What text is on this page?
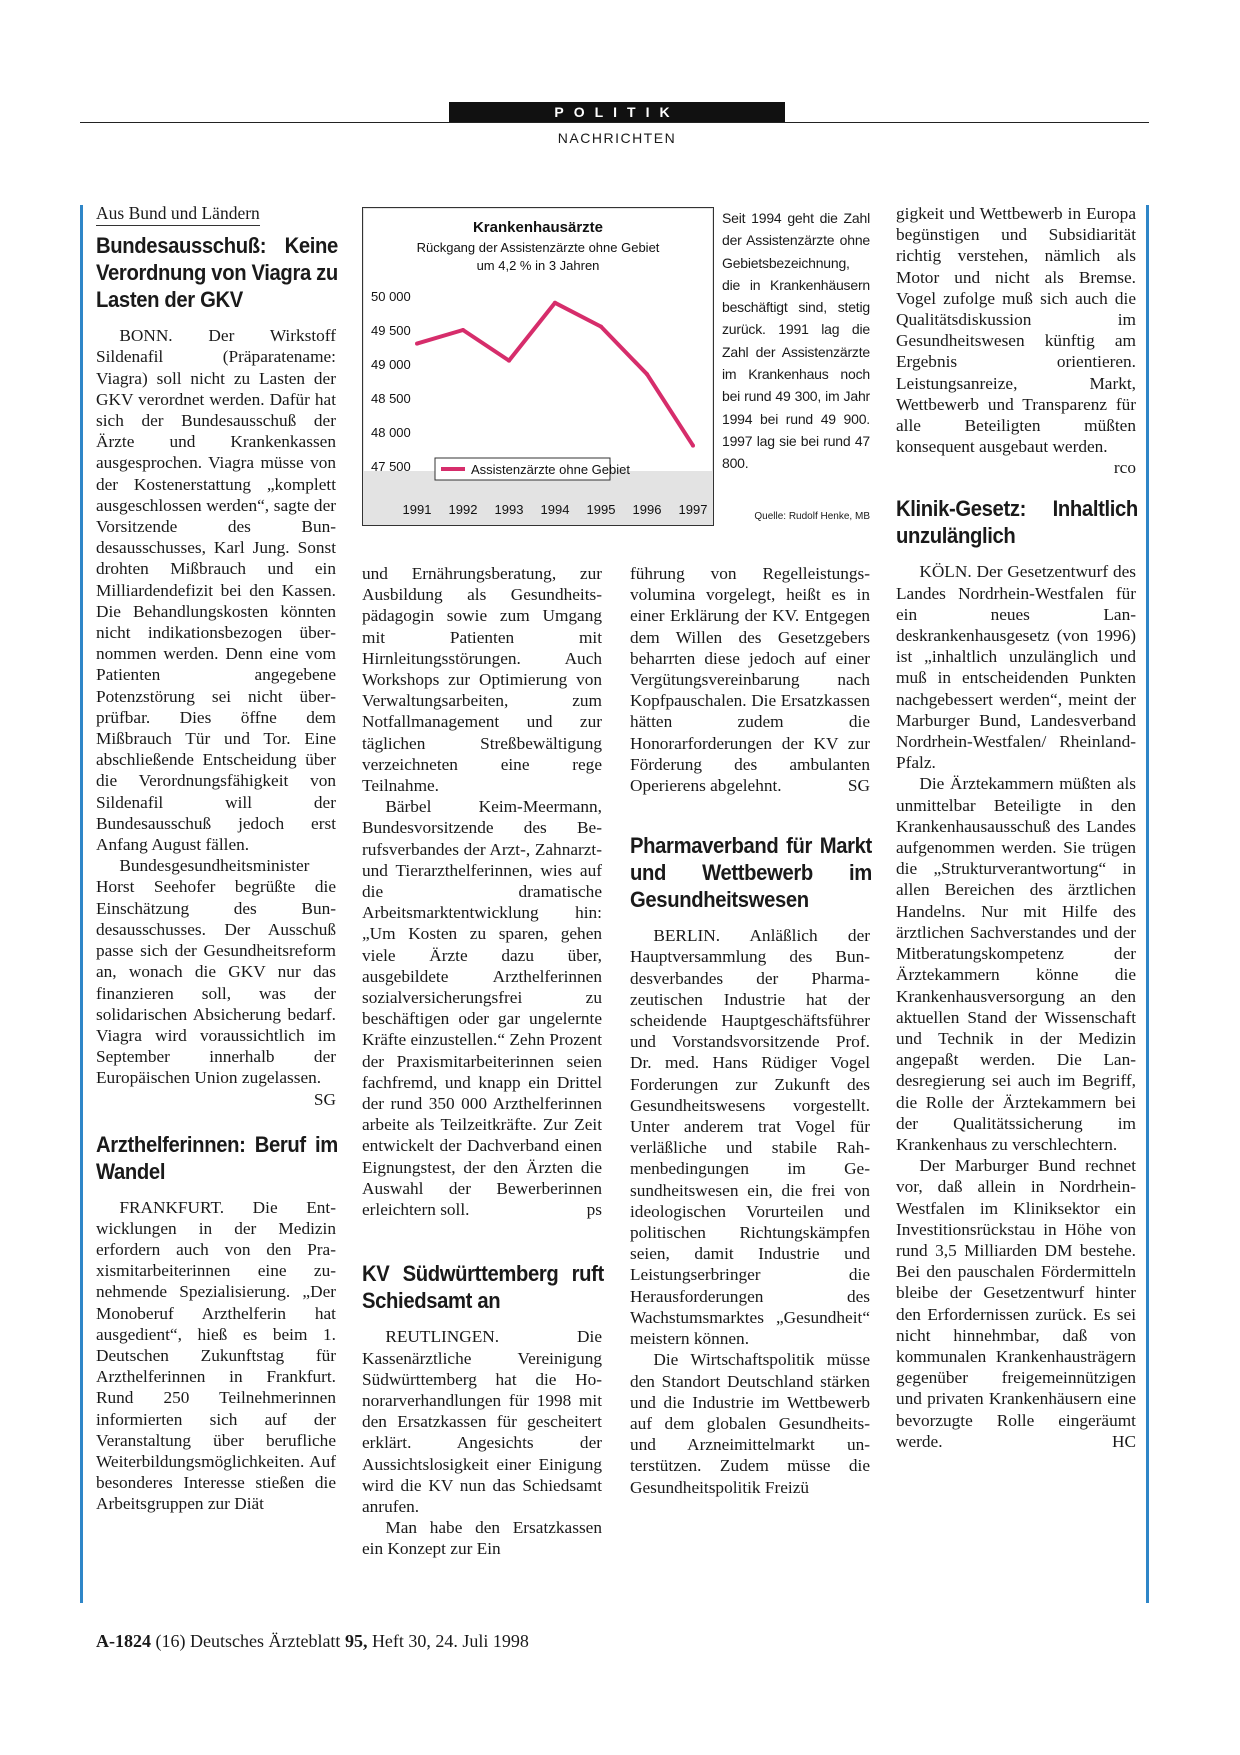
POLITIK
NACHRICHTEN
Aus Bund und Ländern
Bundesausschuß: Keine Verordnung von Viagra zu Lasten der GKV

BONN. Der Wirkstoff Sildenafil (Präparatename: Viagra) soll nicht zu Lasten der GKV verordnet werden. Dafür hat sich der Bundesausschuß der Ärzte und Krankenkassen ausgesprochen. Viagra müsse von der Kostenerstattung „komplett ausgeschlossen werden“, sagte der Vorsitzende des Bundesausschusses, Karl Jung. Sonst drohten Mißbrauch und ein Milliardendefizit bei den Kassen. Die Behandlungskosten könnten nicht indikationsbezogen übernommen werden. Denn eine vom Patienten angegebene Potenzstörung sei nicht überprüfbar. Dies öffne dem Mißbrauch Tür und Tor. Eine abschließende Entscheidung über die Verordnungsfähigkeit von Sildenafil will der Bundesausschuß jedoch erst Anfang August fällen.

Bundesgesundheitsminister Horst Seehofer begrüßte die Einschätzung des Bundesausschusses. Der Ausschuß passe sich der Gesundheitsreform an, wonach die GKV nur das finanzieren soll, was der solidarischen Absicherung bedarf. Viagra wird voraussichtlich im September innerhalb der Europäischen Union zugelassen.
SG

Arzthelferinnen: Beruf im Wandel

FRANKFURT. Die Entwicklungen in der Medizin erfordern auch von den Praxismitarbeiterinnen eine zunehmende Spezialisierung. „Der Monoberuf Arzthelferin hat ausgedient“, hieß es beim 1. Deutschen Zukunftstag für Arzthelferinnen in Frankfurt. Rund 250 Teilnehmerinnen informierten sich auf der Veranstaltung über berufliche Weiterbildungsmöglichkeiten. Auf besonderes Interesse stießen die Arbeitsgruppen zur Diät

Krankenhausärzte
Rückgang der Assistenzärzte ohne Gebiet
um 4,2 % in 3 Jahren
47 500
48 000
48 500
49 000
49 500
50 000
1991 1992 1993 1994 1995 1996 1997
Assistenzärzte ohne Gebiet
Seit 1994 geht die Zahl der Assistenzärzte ohne Gebietsbezeichnung, die in Krankenhäusern beschäftigt sind, stetig zurück. 1991 lag die Zahl der Assistenzärzte im Krankenhaus noch bei rund 49 300, im Jahr 1994 bei rund 49 900. 1997 lag sie bei rund 47 800.
Quelle: Rudolf Henke, MB

und Ernährungsberatung, zur Ausbildung als Gesundheitspädagogin sowie zum Umgang mit Patienten mit Hirnleitungsstörungen. Auch Workshops zur Optimierung von Verwaltungsarbeiten, zum Notfallmanagement und zur täglichen Streßbewältigung verzeichneten eine rege Teilnahme.

Bärbel Keim-Meermann, Bundesvorsitzende des Berufsverbandes der Arzt-, Zahnarzt- und Tierarzthelferinnen, wies auf die dramatische Arbeitsmarktentwicklung hin: „Um Kosten zu sparen, gehen viele Ärzte dazu über, ausgebildete Arzthelferinnen sozialversicherungsfrei zu beschäftigen oder gar ungelernte Kräfte einzustellen.“ Zehn Prozent der Praxismitarbeiterinnen seien fachfremd, und knapp ein Drittel der rund 350 000 Arzthelferinnen arbeite als Teilzeitkräfte. Zur Zeit entwickelt der Dachverband einen Eignungstest, der den Ärzten die Auswahl der Bewerberinnen erleichtern soll.	ps

KV Südwürttemberg ruft Schiedsamt an

REUTLINGEN. Die Kassenärztliche Vereinigung Südwürttemberg hat die Honorarverhandlungen für 1998 mit den Ersatzkassen für gescheitert erklärt. Angesichts der Aussichtslosigkeit einer Einigung wird die KV nun das Schiedsamt anrufen.

Man habe den Ersatzkassen ein Konzept zur Ein

führung von Regelleistungsvolumina vorgelegt, heißt es in einer Erklärung der KV. Entgegen dem Willen des Gesetzgebers beharrten diese jedoch auf einer Vergütungsvereinbarung nach Kopfpauschalen. Die Ersatzkassen hätten zudem die Honorarforderungen der KV zur Förderung des ambulanten Operierens abgelehnt.	SG

Pharmaverband für Markt und Wettbewerb im Gesundheitswesen

BERLIN. Anläßlich der Hauptversammlung des Bundesverbandes der Pharmazeutischen Industrie hat der scheidende Hauptgeschäftsführer und Vorstandsvorsitzende Prof. Dr. med. Hans Rüdiger Vogel Forderungen zur Zukunft des Gesundheitswesens vorgestellt. Unter anderem trat Vogel für verläßliche und stabile Rahmenbedingungen im Gesundheitswesen ein, die frei von ideologischen Vorurteilen und politischen Richtungskämpfen seien, damit Industrie und Leistungserbringer die Herausforderungen des Wachstumsmarktes „Gesundheit“ meistern können.

Die Wirtschaftspolitik müsse den Standort Deutschland stärken und die Industrie im Wettbewerb auf dem globalen Gesundheits- und Arzneimittelmarkt unterstützen. Zudem müsse die Gesundheitspolitik Freizü

gigkeit und Wettbewerb in Europa begünstigen und Subsidiarität richtig verstehen, nämlich als Motor und nicht als Bremse. Vogel zufolge muß sich auch die Qualitätsdiskussion im Gesundheitswesen künftig am Ergebnis orientieren. Leistungsanreize, Markt, Wettbewerb und Transparenz für alle Beteiligten müßten konsequent ausgebaut werden.
rco

Klinik-Gesetz: Inhaltlich unzulänglich

KÖLN. Der Gesetzentwurf des Landes Nordrhein-Westfalen für ein neues Landeskrankenhausgesetz (von 1996) ist „inhaltlich unzulänglich und muß in entscheidenden Punkten nachgebessert werden“, meint der Marburger Bund, Landesverband Nordrhein-Westfalen/ Rheinland-Pfalz.

Die Ärztekammern müßten als unmittelbar Beteiligte in den Krankenhausausschuß des Landes aufgenommen werden. Sie trügen die „Strukturverantwortung“ in allen Bereichen des ärztlichen Handelns. Nur mit Hilfe des ärztlichen Sachverstandes und der Mitberatungskompetenz der Ärztekammern könne die Krankenhausversorgung an den aktuellen Stand der Wissenschaft und Technik in der Medizin angepaßt werden. Die Landesregierung sei auch im Begriff, die Rolle der Ärztekammern bei der Qualitätssicherung im Krankenhaus zu verschlechtern.

Der Marburger Bund rechnet vor, daß allein in Nordrhein-Westfalen im Kliniksektor ein Investitionsrückstau in Höhe von rund 3,5 Milliarden DM bestehe. Bei den pauschalen Fördermitteln bleibe der Gesetzentwurf hinter den Erfordernissen zurück. Es sei nicht hinnehmbar, daß von kommunalen Krankenhausträgern gegenüber freigemeinnützigen und privaten Krankenhäusern eine bevorzugte Rolle eingeräumt werde.	HC

A-1824 (16) Deutsches Ärzteblatt 95, Heft 30, 24. Juli 1998
